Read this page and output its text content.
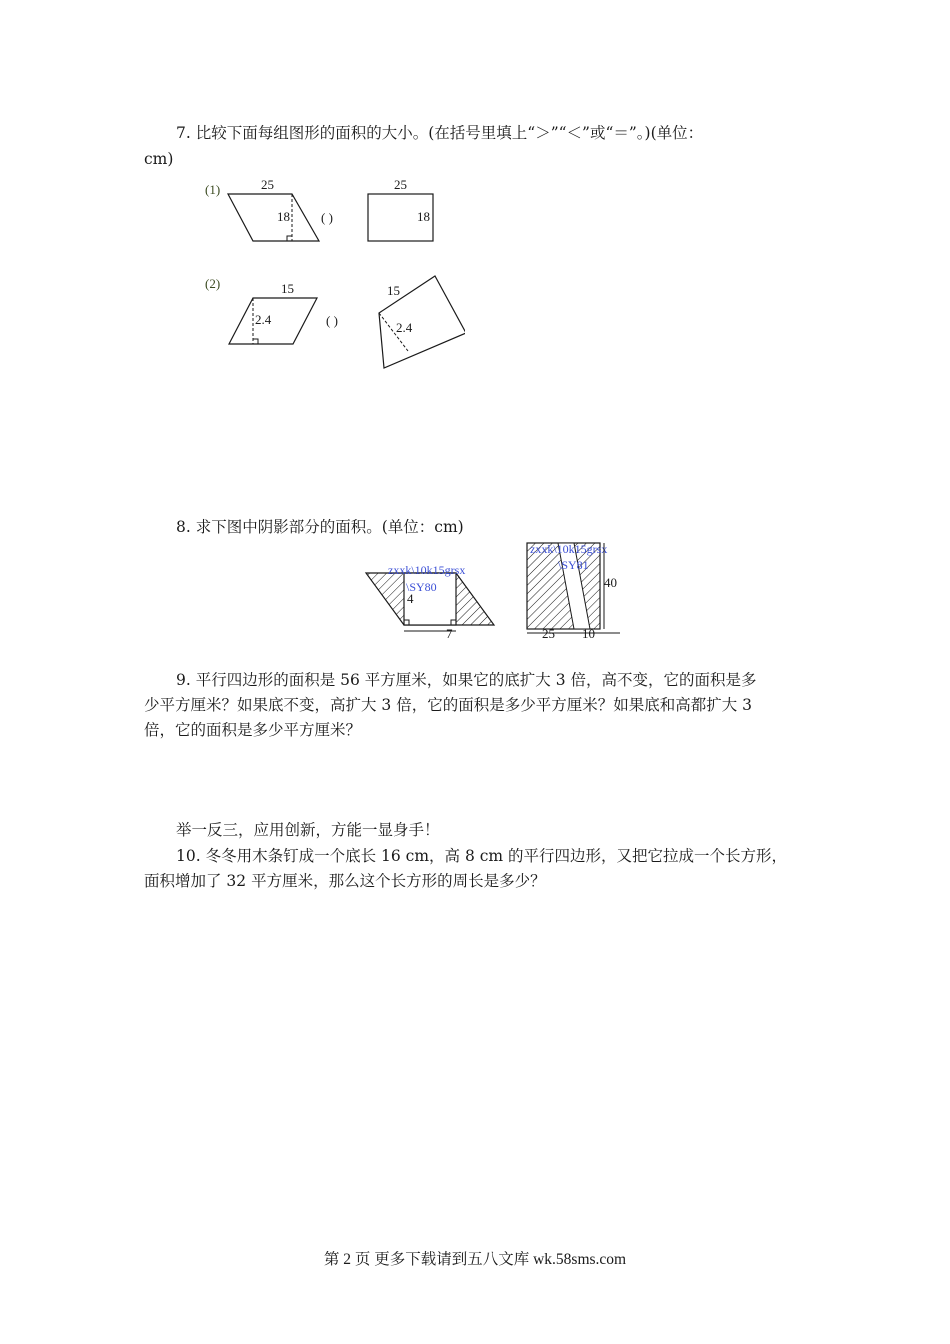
7. 比较下面每组图形的面积的大小。(在括号里填上“＞”“＜”或“＝”。)(单位：
cm)
(1)	25
18 ( )
25
18
(2)	15
2.4	( )
15
2.4
8. 求下图中阴影部分的面积。(单位：cm)
zxxk\10k15grsx
\SY80
4
7
zxxk\10k15grsx
\SY81
40
25 10
9. 平行四边形的面积是 56 平方厘米，如果它的底扩大 3 倍，高不变，它的面积是多
少平方厘米？如果底不变，高扩大 3 倍，它的面积是多少平方厘米？如果底和高都扩大 3
倍，它的面积是多少平方厘米？
举一反三，应用创新，方能一显身手！
10. 冬冬用木条钉成一个底长 16 cm，高 8 cm 的平行四边形，又把它拉成一个长方形，
面积增加了 32 平方厘米，那么这个长方形的周长是多少？
第 2 页 更多下载请到五八文库 wk.58sms.com
